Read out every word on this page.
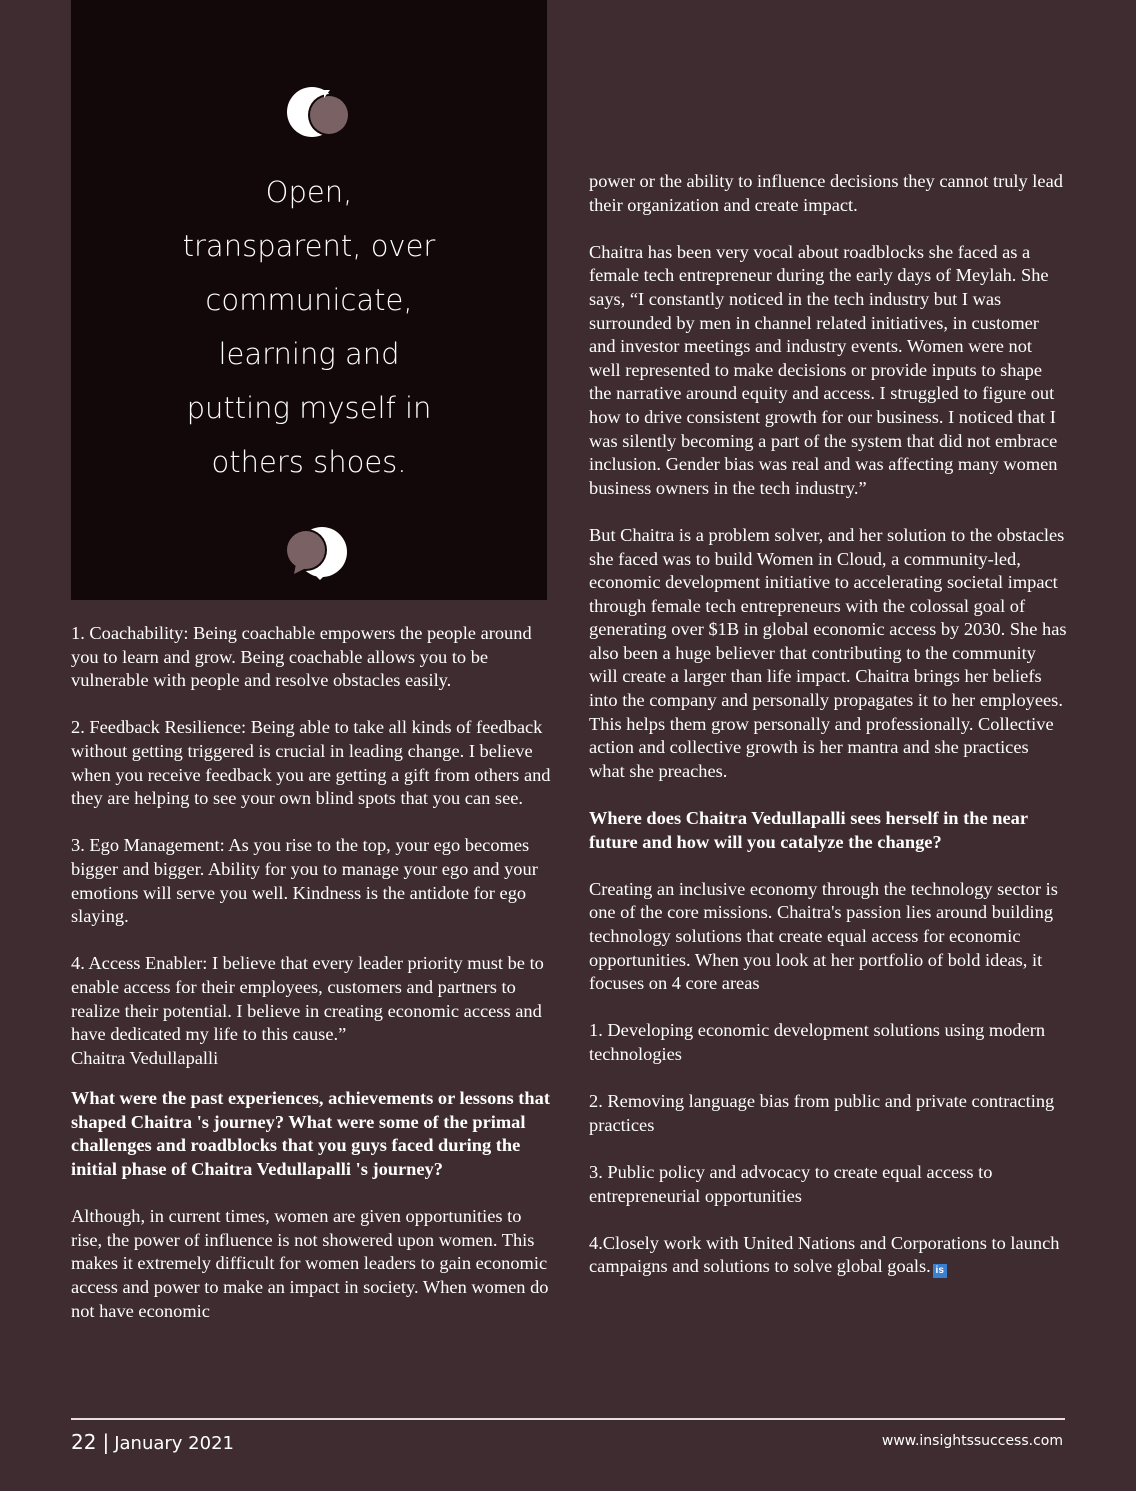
Open,
transparent, over
communicate,
learning and
putting myself in
others shoes.

1. Coachability: Being coachable empowers the people around you to learn and grow. Being coachable allows you to be vulnerable with people and resolve obstacles easily.

2. Feedback Resilience: Being able to take all kinds of feedback without getting triggered is crucial in leading change. I believe when you receive feedback you are getting a gift from others and they are helping to see your own blind spots that you can see.

3. Ego Management: As you rise to the top, your ego becomes bigger and bigger. Ability for you to manage your ego and your emotions will serve you well. Kindness is the antidote for ego slaying.

4. Access Enabler: I believe that every leader priority must be to enable access for their employees, customers and partners to realize their potential. I believe in creating economic access and have dedicated my life to this cause.”

Chaitra Vedullapalli

What were the past experiences, achievements or lessons that shaped Chaitra 's journey? What were some of the primal challenges and roadblocks that you guys faced during the initial phase of Chaitra Vedullapalli 's journey?

Although, in current times, women are given opportunities to rise, the power of influence is not showered upon women. This makes it extremely difficult for women leaders to gain economic access and power to make an impact in society. When women do not have economic

power or the ability to influence decisions they cannot truly lead their organization and create impact.

Chaitra has been very vocal about roadblocks she faced as a female tech entrepreneur during the early days of Meylah. She says, “I constantly noticed in the tech industry but I was surrounded by men in channel related initiatives, in customer and investor meetings and industry events. Women were not well represented to make decisions or provide inputs to shape the narrative around equity and access. I struggled to figure out how to drive consistent growth for our business. I noticed that I was silently becoming a part of the system that did not embrace inclusion. Gender bias was real and was affecting many women business owners in the tech industry.”

But Chaitra is a problem solver, and her solution to the obstacles she faced was to build Women in Cloud, a community-led, economic development initiative to accelerating societal impact through female tech entrepreneurs with the colossal goal of generating over $1B in global economic access by 2030. She has also been a huge believer that contributing to the community will create a larger than life impact. Chaitra brings her beliefs into the company and personally propagates it to her employees. This helps them grow personally and professionally. Collective action and collective growth is her mantra and she practices what she preaches.

Where does Chaitra Vedullapalli sees herself in the near future and how will you catalyze the change?

Creating an inclusive economy through the technology sector is one of the core missions. Chaitra's passion lies around building technology solutions that create equal access for economic opportunities. When you look at her portfolio of bold ideas, it focuses on 4 core areas

1. Developing economic development solutions using modern technologies

2. Removing language bias from public and private contracting practices

3. Public policy and advocacy to create equal access to entrepreneurial opportunities

4.Closely work with United Nations and Corporations to launch campaigns and solutions to solve global goals. is

22 | January 2021	www.insightssuccess.com
